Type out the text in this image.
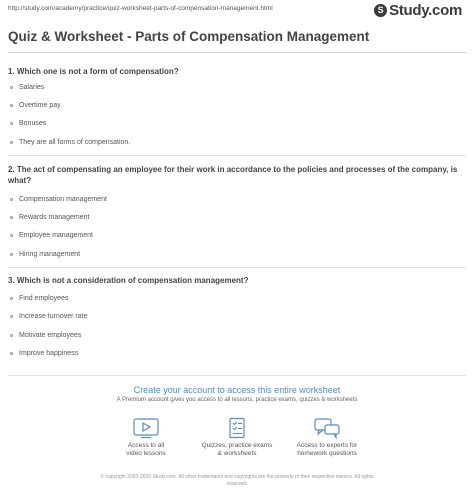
http://study.com/academy/practice/quiz-worksheet-parts-of-compensation-management.html	S Study.com
Quiz & Worksheet - Parts of Compensation Management
1. Which one is not a form of compensation?
Salaries
Overtime pay
Bonuses
They are all forms of compensation.
2. The act of compensating an employee for their work in accordance to the policies and processes of the company, is what?
Compensation management
Rewards management
Employee management
Hiring management
3. Which is not a consideration of compensation management?
Find employees
Increase turnover rate
Motivate employees
Improve happiness
Create your account to access this entire worksheet
A Premium account gives you access to all lessons, practice exams, quizzes & worksheets
Access to all
video lessons
Quizzes, practice exams
& worksheets
Access to experts for
homework questions
© copyright 2003-2020 Study.com. All other trademarks and copyrights are the property of their respective owners. All rights
reserved.
